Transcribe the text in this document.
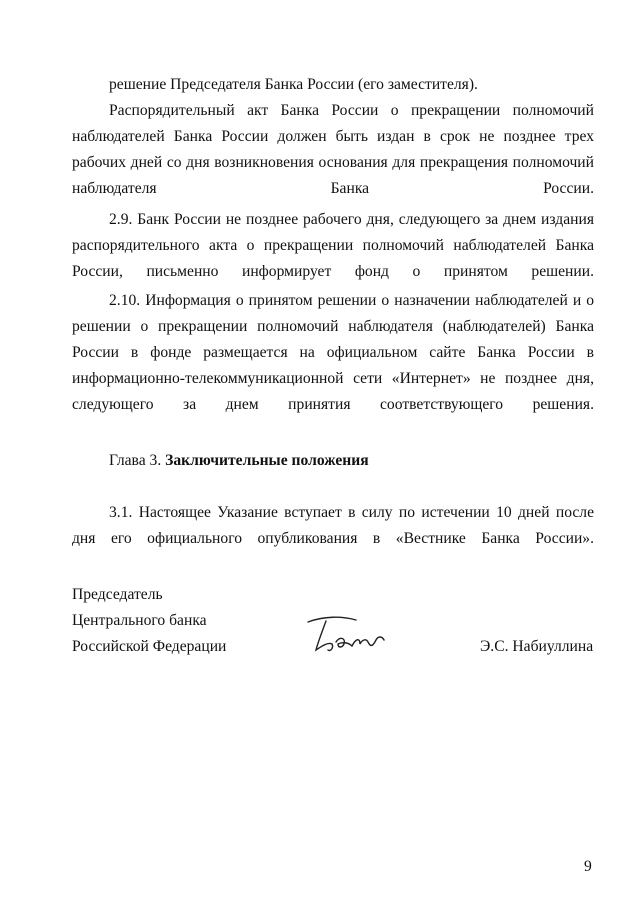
решение Председателя Банка России (его заместителя).

Распорядительный акт Банка России о прекращении полномочий наблюдателей Банка России должен быть издан в срок не позднее трех рабочих дней со дня возникновения основания для прекращения полномочий наблюдателя Банка России.

2.9. Банк России не позднее рабочего дня, следующего за днем издания распорядительного акта о прекращении полномочий наблюдателей Банка России, письменно информирует фонд о принятом решении.

2.10. Информация о принятом решении о назначении наблюдателей и о решении о прекращении полномочий наблюдателя (наблюдателей) Банка России в фонде размещается на официальном сайте Банка России в информационно-телекоммуникационной сети «Интернет» не позднее дня, следующего за днем принятия соответствующего решения.

Глава 3. Заключительные положения

3.1. Настоящее Указание вступает в силу по истечении 10 дней после дня его официального опубликования в «Вестнике Банка России».

Председатель
Центрального банка
Российской Федерации	Э.С. Набиуллина
9
